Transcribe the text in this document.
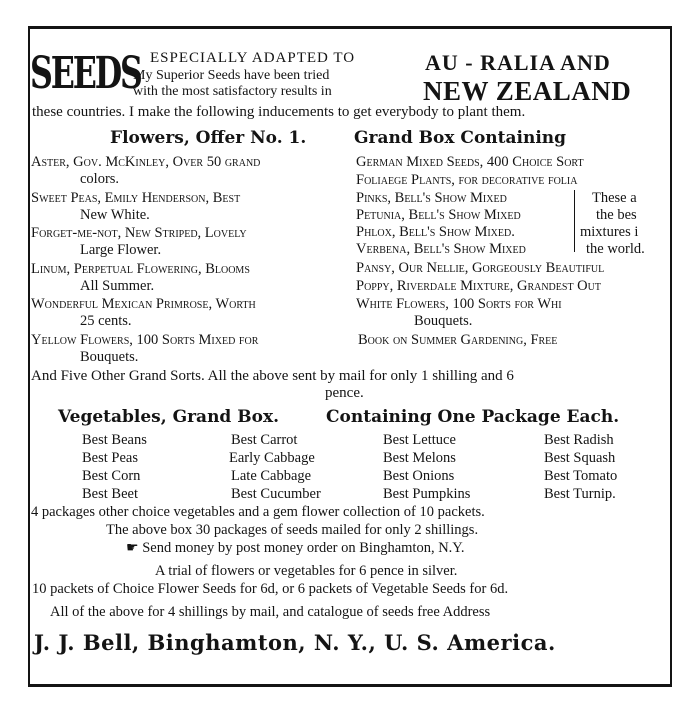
SEEDS ESPECIALLY ADAPTED TO
My Superior Seeds have been tried
with the most satisfactory results in
AU - RALIA AND
NEW ZEALAND
these countries. I make the following inducements to get everybody to plant them.
Flowers, Offer No. 1.	Grand Box Containing
Aster, Gov. McKinley, Over 50 grand
colors.
Sweet Peas, Emily Henderson, Best
New White.
Forget-me-not, New Striped, Lovely
Large Flower.
Linum, Perpetual Flowering, Blooms
All Summer.
Wonderful Mexican Primrose, Worth
25 cents.
Yellow Flowers, 100 Sorts Mixed for
Bouquets.
German Mixed Seeds, 400 Choice Sort
Foliaege Plants, for decorative folia
Pinks, Bell's Show Mixed
Petunia, Bell's Show Mixed
Phlox, Bell's Show Mixed.
Verbena, Bell's Show Mixed
These a
the bes
mixtures i
the world.
Pansy, Our Nellie, Gorgeously Beautiful
Poppy, Riverdale Mixture, Grandest Out
White Flowers, 100 Sorts for Whi
Bouquets.
Book on Summer Gardening, Free
And Five Other Grand Sorts. All the above sent by mail for only 1 shilling and 6
pence.
Vegetables, Grand Box.	Containing One Package Each.
Best Beans
Best Peas
Best Corn
Best Beet
Best Carrot
Early Cabbage
Late Cabbage
Best Cucumber
Best Lettuce
Best Melons
Best Onions
Best Pumpkins
Best Radish
Best Squash
Best Tomato
Best Turnip.
4 packages other choice vegetables and a gem flower collection of 10 packets.
The above box 30 packages of seeds mailed for only 2 shillings.
☛ Send money by post money order on Binghamton, N.Y.
A trial of flowers or vegetables for 6 pence in silver.
10 packets of Choice Flower Seeds for 6d, or 6 packets of Vegetable Seeds for 6d.
All of the above for 4 shillings by mail, and catalogue of seeds free Address
J. J. Bell, Binghamton, N. Y., U. S. America.
